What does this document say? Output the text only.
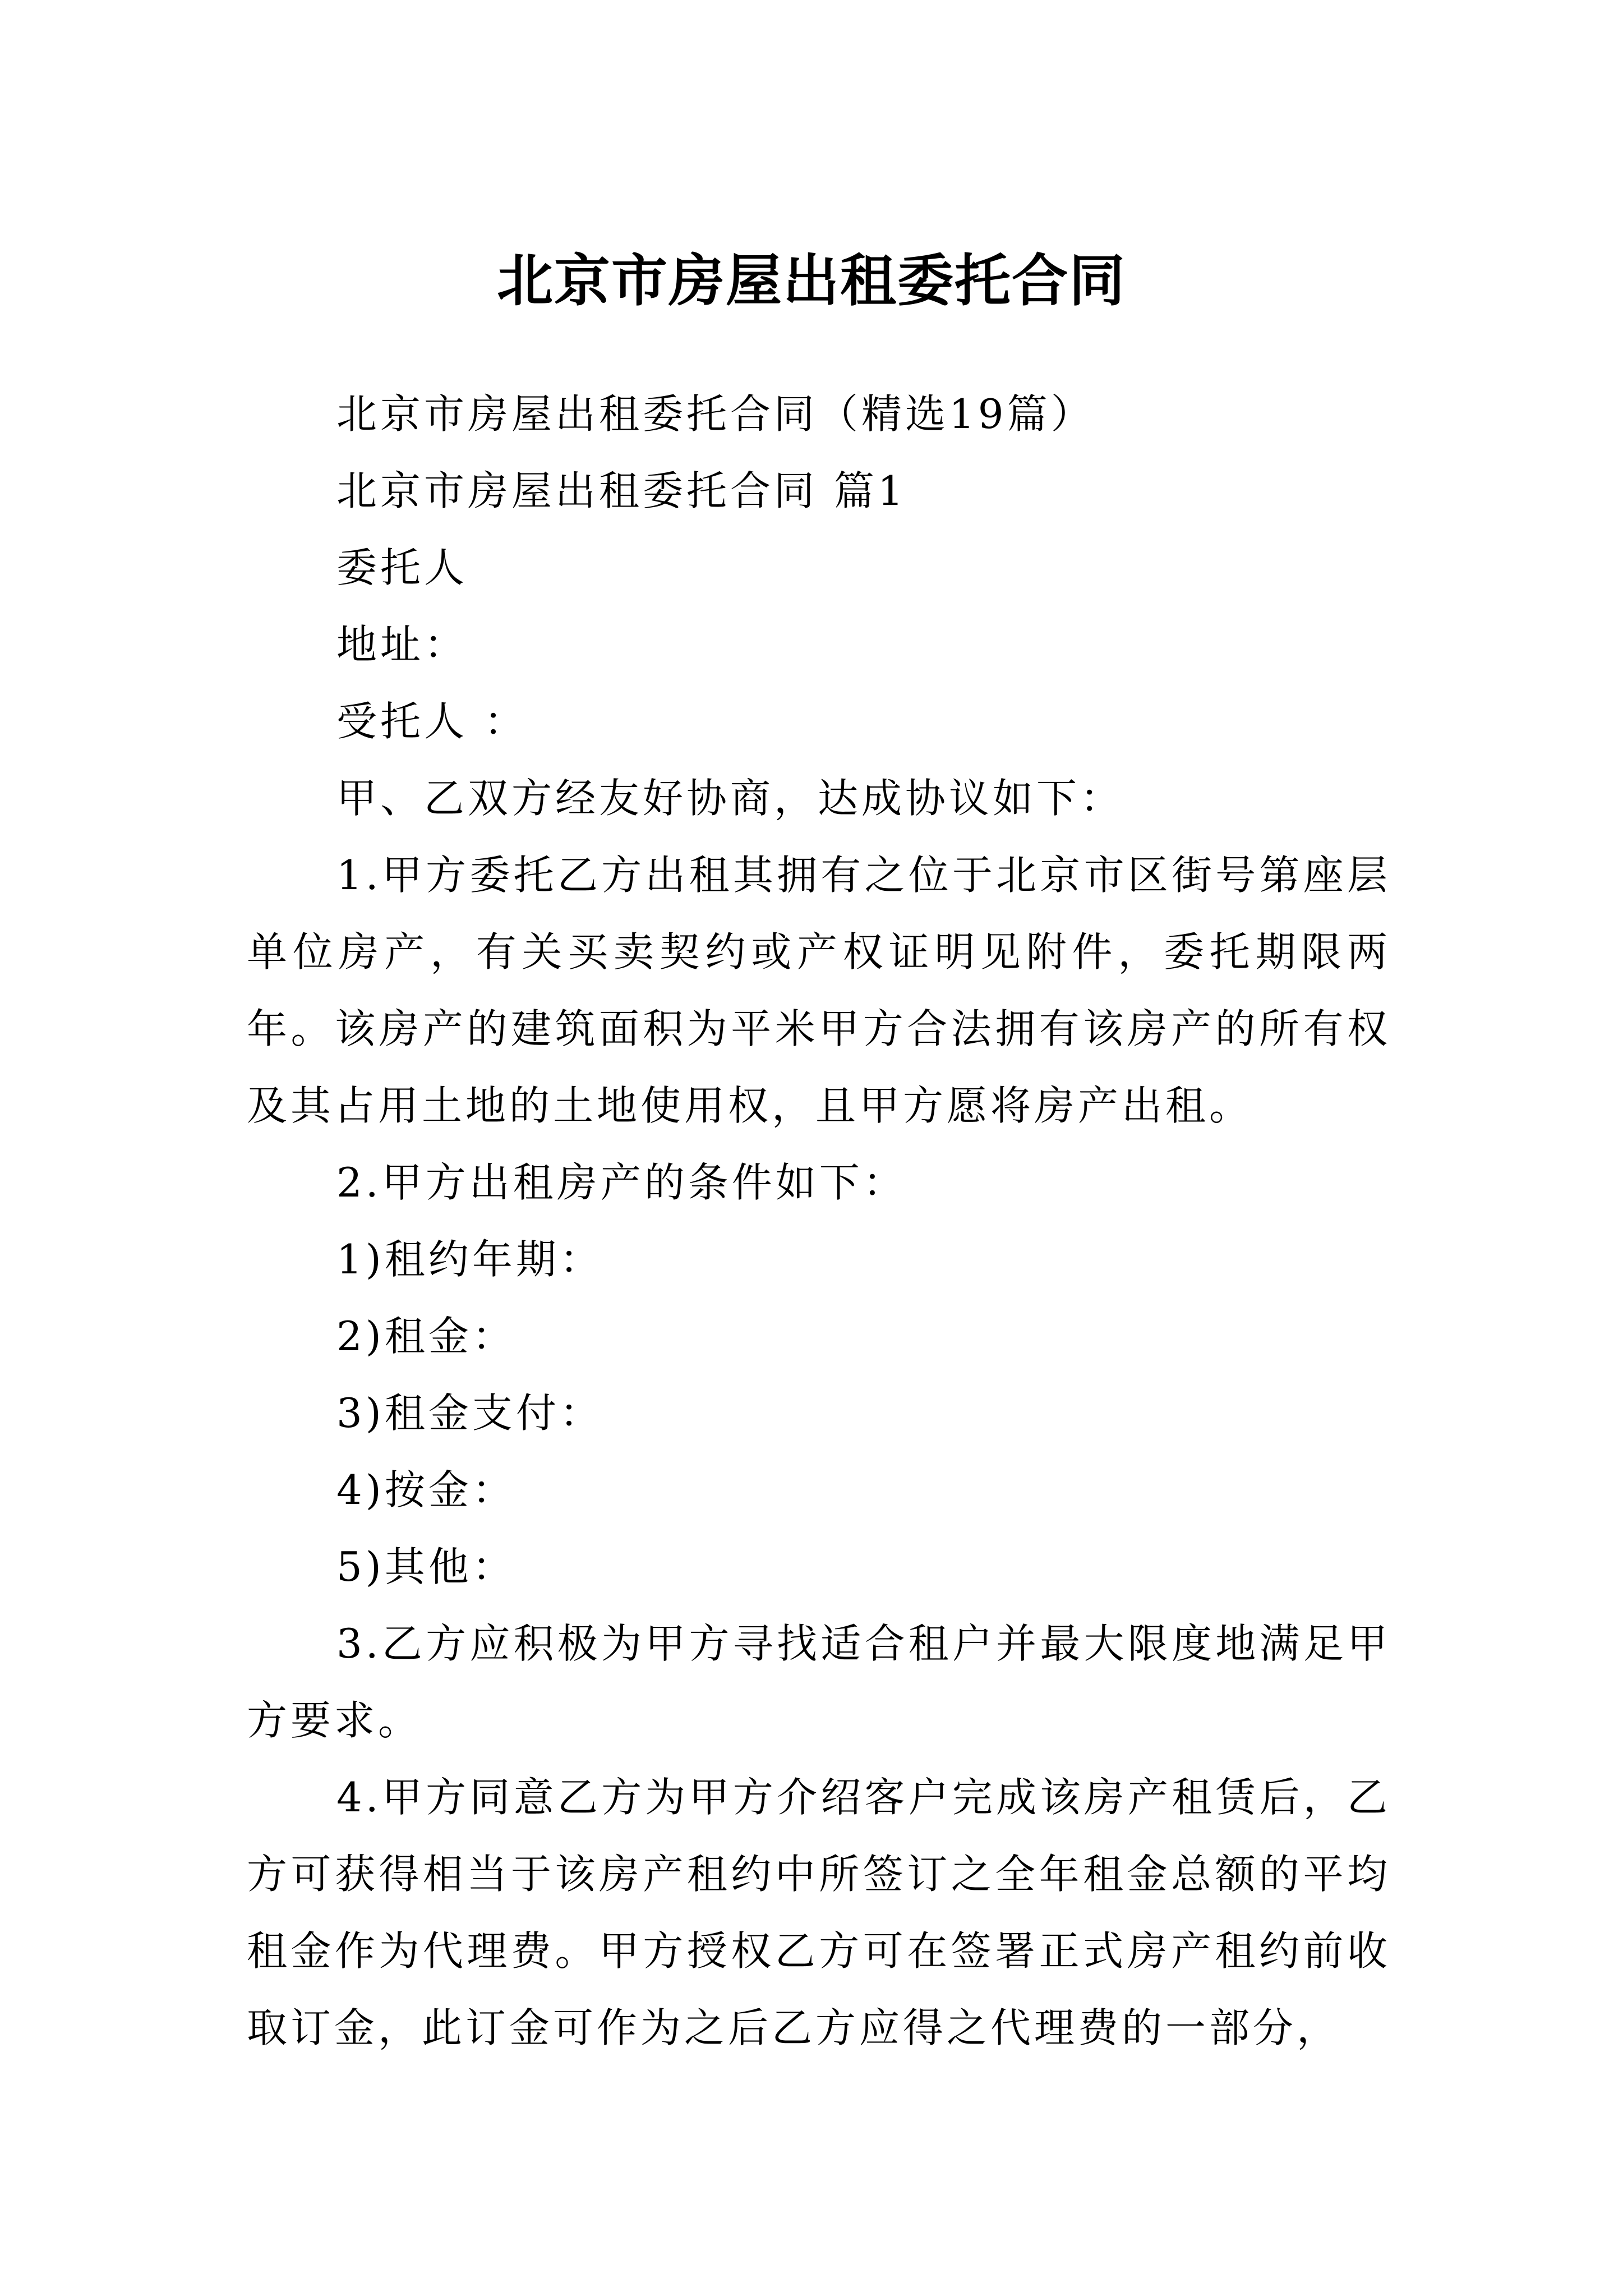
北京市房屋出租委托合同

北京市房屋出租委托合同（精选19篇）

北京市房屋出租委托合同 篇1

委托人

地址：

受托人 ：

甲、乙双方经友好协商，达成协议如下：

1.甲方委托乙方出租其拥有之位于北京市区街号第座层单位房产，有关买卖契约或产权证明见附件，委托期限两年。该房产的建筑面积为平米甲方合法拥有该房产的所有权及其占用土地的土地使用权，且甲方愿将房产出租。

2.甲方出租房产的条件如下：

1)租约年期：

2)租金：

3)租金支付：

4)按金：

5)其他：

3.乙方应积极为甲方寻找适合租户并最大限度地满足甲方要求。

4.甲方同意乙方为甲方介绍客户完成该房产租赁后，乙方可获得相当于该房产租约中所签订之全年租金总额的平均租金作为代理费。甲方授权乙方可在签署正式房产租约前收取订金，此订金可作为之后乙方应得之代理费的一部分，
